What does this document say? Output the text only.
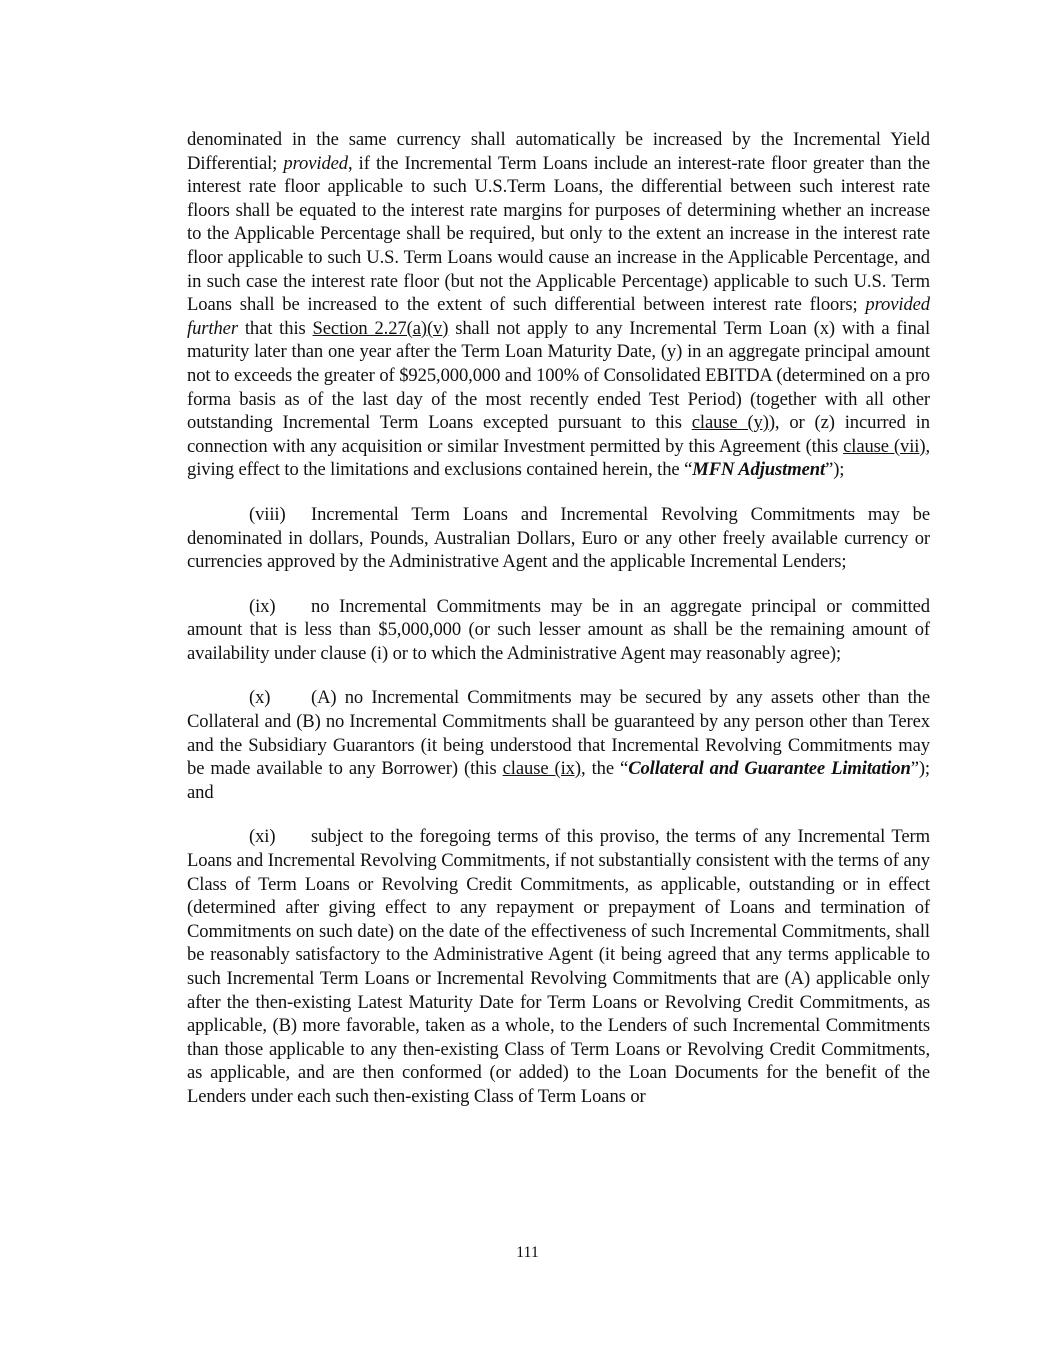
denominated in the same currency shall automatically be increased by the Incremental Yield Differential; provided, if the Incremental Term Loans include an interest-rate floor greater than the interest rate floor applicable to such U.S.Term Loans, the differential between such interest rate floors shall be equated to the interest rate margins for purposes of determining whether an increase to the Applicable Percentage shall be required, but only to the extent an increase in the interest rate floor applicable to such U.S. Term Loans would cause an increase in the Applicable Percentage, and in such case the interest rate floor (but not the Applicable Percentage) applicable to such U.S. Term Loans shall be increased to the extent of such differential between interest rate floors; provided further that this Section 2.27(a)(v) shall not apply to any Incremental Term Loan (x) with a final maturity later than one year after the Term Loan Maturity Date, (y) in an aggregate principal amount not to exceeds the greater of $925,000,000 and 100% of Consolidated EBITDA (determined on a pro forma basis as of the last day of the most recently ended Test Period) (together with all other outstanding Incremental Term Loans excepted pursuant to this clause (y)), or (z) incurred in connection with any acquisition or similar Investment permitted by this Agreement (this clause (vii), giving effect to the limitations and exclusions contained herein, the “MFN Adjustment”);

(viii) Incremental Term Loans and Incremental Revolving Commitments may be denominated in dollars, Pounds, Australian Dollars, Euro or any other freely available currency or currencies approved by the Administrative Agent and the applicable Incremental Lenders;

(ix) no Incremental Commitments may be in an aggregate principal or committed amount that is less than $5,000,000 (or such lesser amount as shall be the remaining amount of availability under clause (i) or to which the Administrative Agent may reasonably agree);

(x) (A) no Incremental Commitments may be secured by any assets other than the Collateral and (B) no Incremental Commitments shall be guaranteed by any person other than Terex and the Subsidiary Guarantors (it being understood that Incremental Revolving Commitments may be made available to any Borrower) (this clause (ix), the “Collateral and Guarantee Limitation”); and

(xi) subject to the foregoing terms of this proviso, the terms of any Incremental Term Loans and Incremental Revolving Commitments, if not substantially consistent with the terms of any Class of Term Loans or Revolving Credit Commitments, as applicable, outstanding or in effect (determined after giving effect to any repayment or prepayment of Loans and termination of Commitments on such date) on the date of the effectiveness of such Incremental Commitments, shall be reasonably satisfactory to the Administrative Agent (it being agreed that any terms applicable to such Incremental Term Loans or Incremental Revolving Commitments that are (A) applicable only after the then-existing Latest Maturity Date for Term Loans or Revolving Credit Commitments, as applicable, (B) more favorable, taken as a whole, to the Lenders of such Incremental Commitments than those applicable to any then-existing Class of Term Loans or Revolving Credit Commitments, as applicable, and are then conformed (or added) to the Loan Documents for the benefit of the Lenders under each such then-existing Class of Term Loans or

111
